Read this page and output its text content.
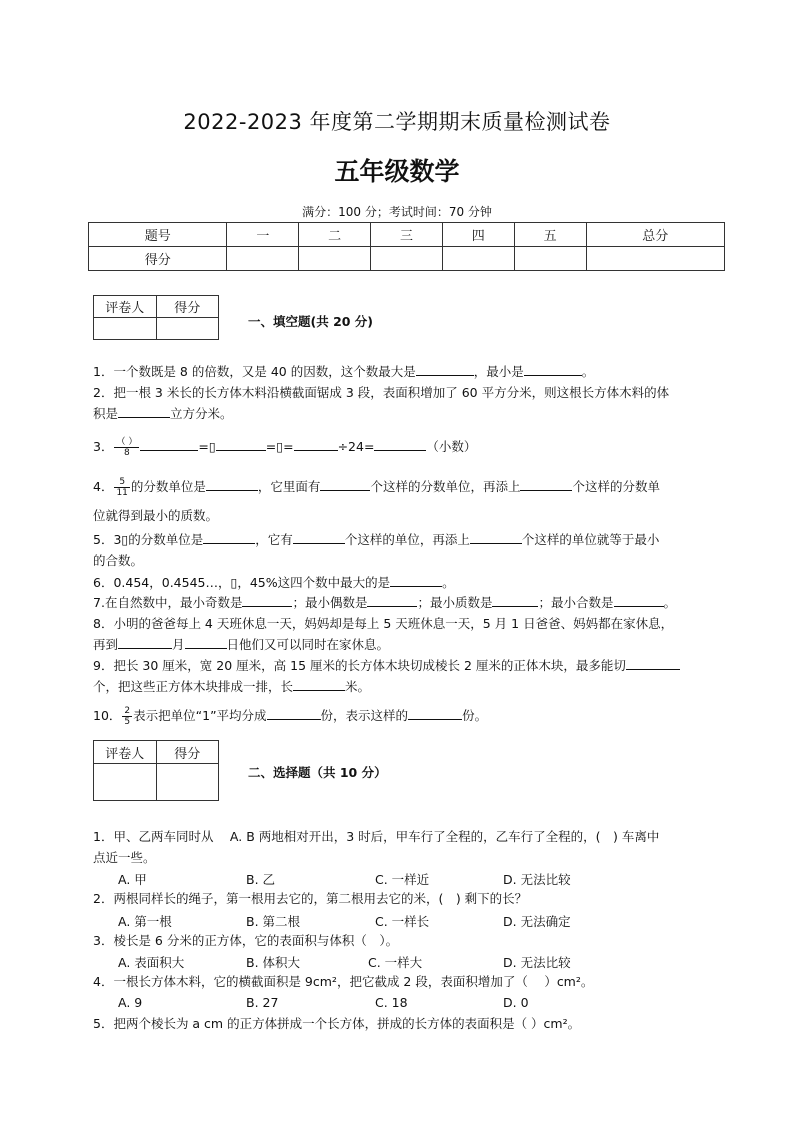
2022-2023 年度第二学期期末质量检测试卷
五年级数学
满分：100 分；考试时间：70 分钟
题号	一	二	三	四	五	总分
得分						
评卷人	得分

一、填空题(共 20 分)
1．一个数既是 8 的倍数，又是 40 的因数，这个数最大是	，最小是	。
2．把一根 3 米长的长方体木料沿横截面锯成 3 段，表面积增加了 60 平方分米，则这根长方体木料的体
积是	立方分米。
3． $\frac{( )}{8}$	=▯	=▯=	÷24=	（小数）
4． $\frac{5}{11}$ 的分数单位是	，它里面有	个这样的分数单位，再添上	个这样的分数单
位就得到最小的质数。
5．3▯的分数单位是	，它有	个这样的单位，再添上	个这样的单位就等于最小
的合数。
6．0.454，0.4545…，▯，45%这四个数中最大的是	。
7.在自然数中，最小奇数是	；最小偶数是	；最小质数是	；最小合数是	。
8．小明的爸爸每上 4 天班休息一天，妈妈却是每上 5 天班休息一天，5 月 1 日爸爸、妈妈都在家休息，
再到	月	日他们又可以同时在家休息。
9．把长 30 厘米，宽 20 厘米，高 15 厘米的长方体木块切成棱长 2 厘米的正体木块，最多能切
个，把这些正方体木块排成一排，长	米。
10． $\frac{2}{5}$ 表示把单位“1”平均分成	份，表示这样的	份。
评卷人	得分

二、选择题（共 10 分）
1．甲、乙两车同时从　 A. B 两地相对开出，3 时后，甲车行了全程的，乙车行了全程的，(　) 车离中
点近一些。
A. 甲	B. 乙	C. 一样近	D. 无法比较
2．两根同样长的绳子，第一根用去它的，第二根用去它的米，(　) 剩下的长？
A. 第一根	B. 第二根	C. 一样长	D. 无法确定
3．棱长是 6 分米的正方体，它的表面积与体积（　）。
A. 表面积大	B. 体积大	C. 一样大	D. 无法比较
4．一根长方体木料，它的横截面积是 9cm²，把它截成 2 段，表面积增加了（　 ）cm²。
A. 9	B. 27	C. 18	D. 0
5．把两个棱长为 a cm 的正方体拼成一个长方体，拼成的长方体的表面积是（ ）cm²。
